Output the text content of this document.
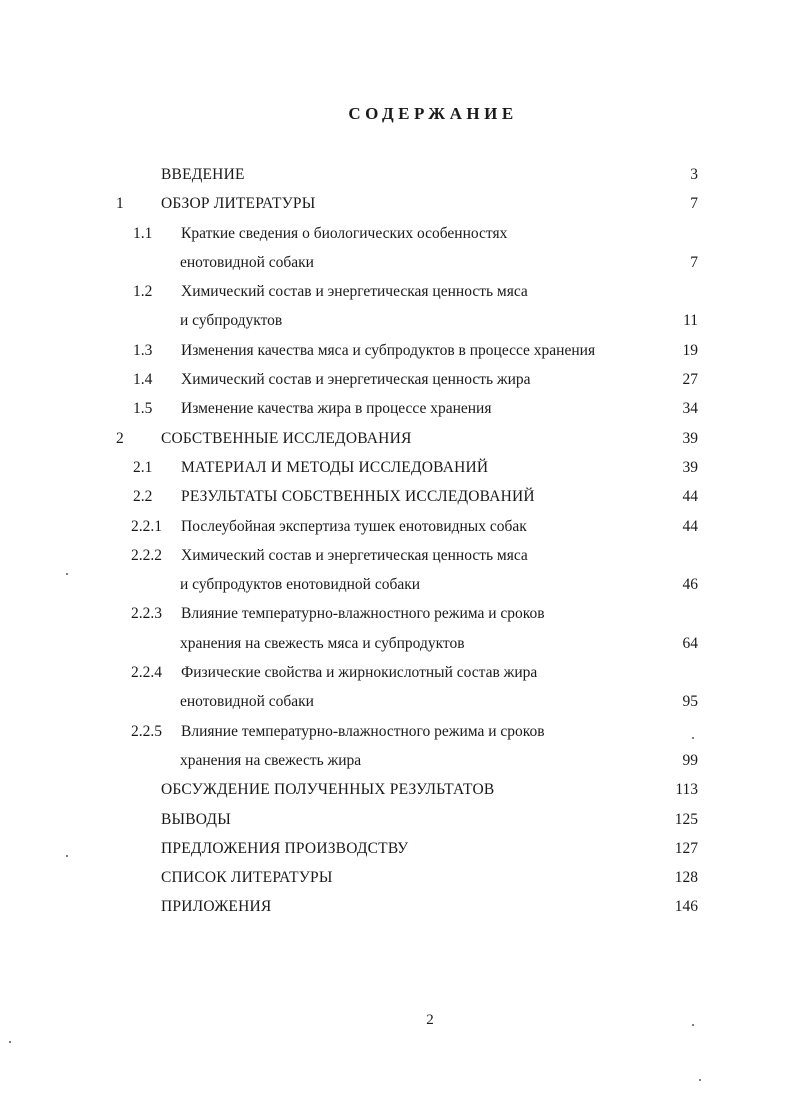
СОДЕРЖАНИЕ
ВВЕДЕНИЕ	3
1 ОБЗОР ЛИТЕРАТУРЫ	7
1.1 Краткие сведения о биологических особенностях
енотовидной собаки	7
1.2 Химический состав и энергетическая ценность мяса
и субпродуктов	11
1.3 Изменения качества мяса и субпродуктов в процессе хранения	19
1.4 Химический состав и энергетическая ценность жира	27
1.5 Изменение качества жира в процессе хранения	34
2 СОБСТВЕННЫЕ ИССЛЕДОВАНИЯ	39
2.1 МАТЕРИАЛ И МЕТОДЫ ИССЛЕДОВАНИЙ	39
2.2 РЕЗУЛЬТАТЫ СОБСТВЕННЫХ ИССЛЕДОВАНИЙ	44
2.2.1 Послеубойная экспертиза тушек енотовидных собак	44
2.2.2 Химический состав и энергетическая ценность мяса
и субпродуктов енотовидной собаки	46
2.2.3 Влияние температурно-влажностного режима и сроков
хранения на свежесть мяса и субпродуктов	64
2.2.4 Физические свойства и жирнокислотный состав жира
енотовидной собаки	95
2.2.5 Влияние температурно-влажностного режима и сроков
хранения на свежесть жира	99
ОБСУЖДЕНИЕ ПОЛУЧЕННЫХ РЕЗУЛЬТАТОВ	113
ВЫВОДЫ	125
ПРЕДЛОЖЕНИЯ ПРОИЗВОДСТВУ	127
СПИСОК ЛИТЕРАТУРЫ	128
ПРИЛОЖЕНИЯ	146
2
